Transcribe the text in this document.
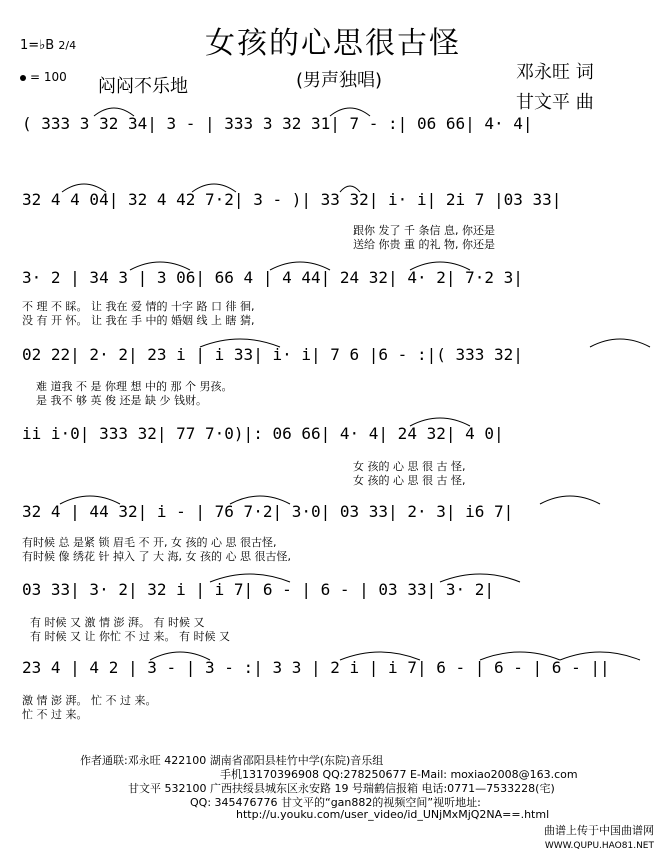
女孩的心思很古怪
1=♭B 2/4
= 100 闷闷不乐地	(男声独唱)	邓永旺 词
甘文平 曲
( 333 3 32 34| 3 - | 333 3 32 31| 7 - :| 06 66| 4· 4|
32 4 4 04| 32 4 42 7·2| 3 - )| 33 32| i· i| 2i 7 |03 33|
3· 2 | 34 3 | 3 06| 66 4 | 4 44| 24 32| 4· 2| 7·2 3|
02 22| 2· 2| 23 i | i 33| i· i| 7 6 |6 - :|( 333 32|
ii i·0| 333 32| 77 7·0)|: 06 66| 4· 4| 24 32| 4 0|
32 4 | 44 32| i - | 76 7·2| 3·0| 03 33| 2· 3| i6 7|
03 33| 3· 2| 32 i | i 7| 6 - | 6 - | 03 33| 3· 2|
23 4 | 4 2 | 3 - | 3 - :| 3 3 | 2 i | i 7| 6 - | 6 - | 6 - ||
跟你 发了 千 条信 息, 你还是
送给 你贵 重 的礼 物, 你还是
不 理 不 睬。 让 我在 爱 情的 十字 路 口 徘 徊,
没 有 开 怀。 让 我在 手 中的 婚姻 线 上 瞎 猜,
难 道我 不 是 你理 想 中的 那 个 男孩。
是 我不 够 英 俊 还是 缺 少 钱财。
女 孩的 心 思 很 古 怪,
女 孩的 心 思 很 古 怪,
有时候 总 是紧 锁 眉毛 不 开, 女 孩的 心 思 很古怪,
有时候 像 绣花 针 掉入 了 大 海, 女 孩的 心 思 很古怪,
有 时候 又 激 情 澎 湃。 有 时候 又
有 时候 又 让 你忙 不 过 来。 有 时候 又
激 情 澎 湃。 忙 不 过 来。
忙 不 过 来。
作者通联:邓永旺 422100 湖南省邵阳县桂竹中学(东院)音乐组
手机13170396908 QQ:278250677 E-Mail: moxiao2008@163.com
甘文平 532100 广西扶绥县城东区永安路 19 号瑞鹤信报箱 电话:0771—7533228(宅)
QQ: 345476776 甘文平的“gan882的视频空间”视听地址:
http://u.youku.com/user_video/id_UNjMxMjQ2NA==.html
曲谱上传于中国曲谱网
WWW.QUPU.HAO81.NET
